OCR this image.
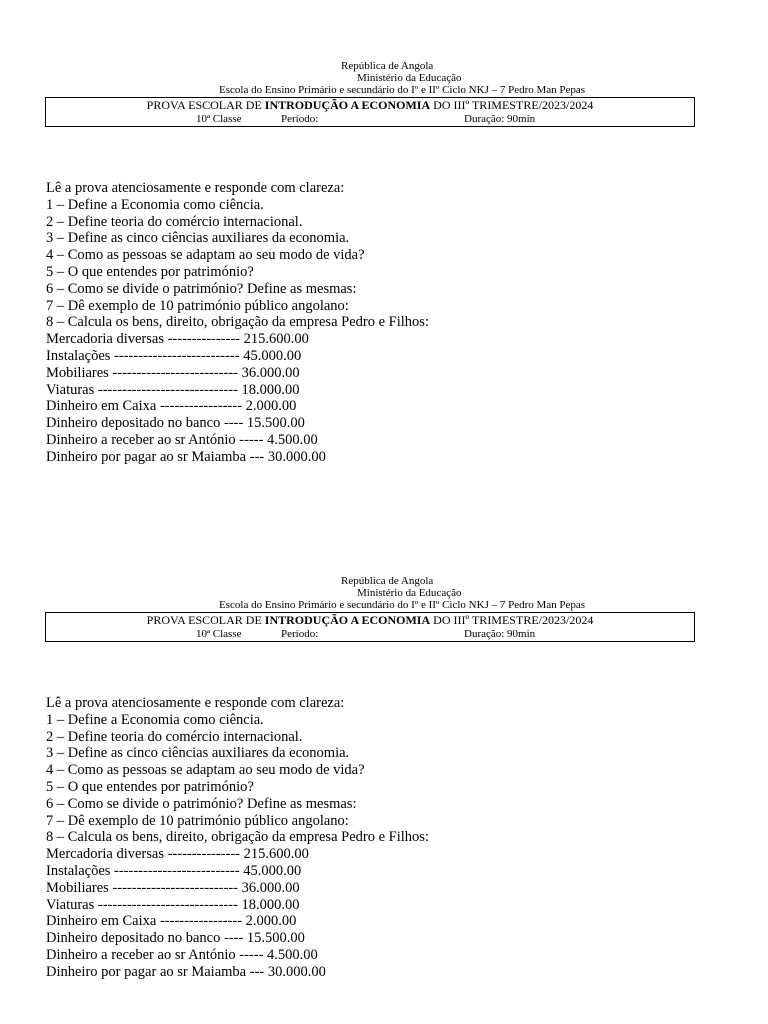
República de Angola
Ministério da Educação
Escola do Ensino Primário e secundário do Iº e IIº Ciclo NKJ – 7 Pedro Man Pepas
PROVA ESCOLAR DE INTRODUÇÃO A ECONOMIA DO IIIº TRIMESTRE/2023/2024
10ª Classe	Período:	Duração: 90min
Lê a prova atenciosamente e responde com clareza:
1 – Define a Economia como ciência.
2 – Define teoria do comércio internacional.
3 – Define as cinco ciências auxiliares da economia.
4 – Como as pessoas se adaptam ao seu modo de vida?
5 – O que entendes por património?
6 – Como se divide o património? Define as mesmas:
7 – Dê exemplo de 10 património público angolano:
8 – Calcula os bens, direito, obrigação da empresa Pedro e Filhos:
Mercadoria diversas --------------- 215.600.00
Instalações -------------------------- 45.000.00
Mobiliares -------------------------- 36.000.00
Viaturas ----------------------------- 18.000.00
Dinheiro em Caixa ----------------- 2.000.00
Dinheiro depositado no banco ---- 15.500.00
Dinheiro a receber ao sr António ----- 4.500.00
Dinheiro por pagar ao sr Maiamba --- 30.000.00
República de Angola
Ministério da Educação
Escola do Ensino Primário e secundário do Iº e IIº Ciclo NKJ – 7 Pedro Man Pepas
PROVA ESCOLAR DE INTRODUÇÃO A ECONOMIA DO IIIº TRIMESTRE/2023/2024
10ª Classe	Período:	Duração: 90min
Lê a prova atenciosamente e responde com clareza:
1 – Define a Economia como ciência.
2 – Define teoria do comércio internacional.
3 – Define as cinco ciências auxiliares da economia.
4 – Como as pessoas se adaptam ao seu modo de vida?
5 – O que entendes por património?
6 – Como se divide o património? Define as mesmas:
7 – Dê exemplo de 10 património público angolano:
8 – Calcula os bens, direito, obrigação da empresa Pedro e Filhos:
Mercadoria diversas --------------- 215.600.00
Instalações -------------------------- 45.000.00
Mobiliares -------------------------- 36.000.00
Viaturas ----------------------------- 18.000.00
Dinheiro em Caixa ----------------- 2.000.00
Dinheiro depositado no banco ---- 15.500.00
Dinheiro a receber ao sr António ----- 4.500.00
Dinheiro por pagar ao sr Maiamba --- 30.000.00
